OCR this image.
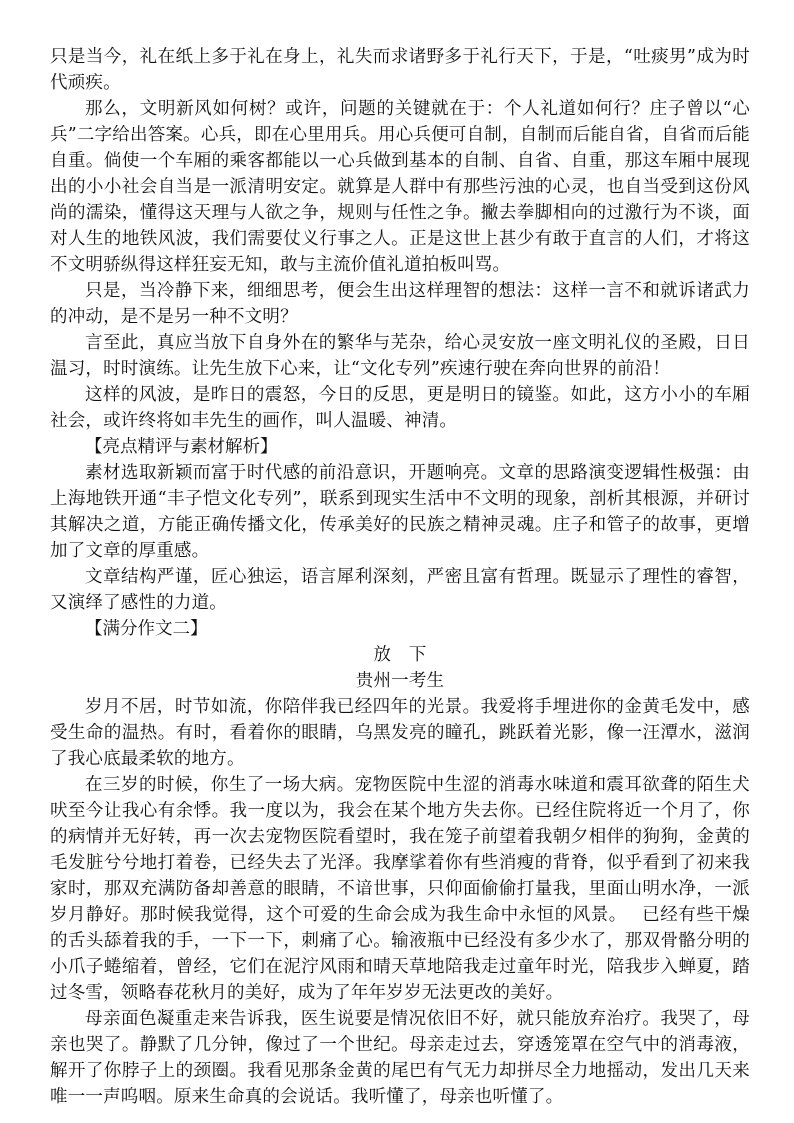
只是当今，礼在纸上多于礼在身上，礼失而求诸野多于礼行天下，于是，“吐痰男”成为时代顽疾。

那么，文明新风如何树？或许，问题的关键就在于：个人礼道如何行？庄子曾以“心兵”二字给出答案。心兵，即在心里用兵。用心兵便可自制，自制而后能自省，自省而后能自重。倘使一个车厢的乘客都能以一心兵做到基本的自制、自省、自重，那这车厢中展现出的小小社会自当是一派清明安定。就算是人群中有那些污浊的心灵，也自当受到这份风尚的濡染，懂得这天理与人欲之争，规则与任性之争。撇去拳脚相向的过激行为不谈，面对人生的地铁风波，我们需要仗义行事之人。正是这世上甚少有敢于直言的人们，才将这不文明骄纵得这样狂妄无知，敢与主流价值礼道拍板叫骂。

只是，当冷静下来，细细思考，便会生出这样理智的想法：这样一言不和就诉诸武力的冲动，是不是另一种不文明？

言至此，真应当放下自身外在的繁华与芜杂，给心灵安放一座文明礼仪的圣殿，日日温习，时时演练。让先生放下心来，让“文化专列”疾速行驶在奔向世界的前沿！

这样的风波，是昨日的震怒，今日的反思，更是明日的镜鉴。如此，这方小小的车厢社会，或许终将如丰先生的画作，叫人温暖、神清。

【亮点精评与素材解析】

素材选取新颖而富于时代感的前沿意识，开题响亮。文章的思路演变逻辑性极强：由上海地铁开通“丰子恺文化专列”，联系到现实生活中不文明的现象，剖析其根源，并研讨其解决之道，方能正确传播文化，传承美好的民族之精神灵魂。庄子和管子的故事，更增加了文章的厚重感。

文章结构严谨，匠心独运，语言犀利深刻，严密且富有哲理。既显示了理性的睿智，又演绎了感性的力道。

【满分作文二】

放　下

贵州一考生

岁月不居，时节如流，你陪伴我已经四年的光景。我爱将手埋进你的金黄毛发中，感受生命的温热。有时，看着你的眼睛，乌黑发亮的瞳孔，跳跃着光影，像一汪潭水，滋润了我心底最柔软的地方。

在三岁的时候，你生了一场大病。宠物医院中生涩的消毒水味道和震耳欲聋的陌生犬吠至今让我心有余悸。我一度以为，我会在某个地方失去你。已经住院将近一个月了，你的病情并无好转，再一次去宠物医院看望时，我在笼子前望着我朝夕相伴的狗狗，金黄的毛发脏兮兮地打着卷，已经失去了光泽。我摩挲着你有些消瘦的背脊，似乎看到了初来我家时，那双充满防备却善意的眼睛，不谙世事，只仰面偷偷打量我，里面山明水净，一派岁月静好。那时候我觉得，这个可爱的生命会成为我生命中永恒的风景。　 已经有些干燥的舌头舔着我的手，一下一下，刺痛了心。输液瓶中已经没有多少水了，那双骨骼分明的小爪子蜷缩着，曾经，它们在泥泞风雨和晴天草地陪我走过童年时光，陪我步入蝉夏，踏过冬雪，领略春花秋月的美好，成为了年年岁岁无法更改的美好。

母亲面色凝重走来告诉我，医生说要是情况依旧不好，就只能放弃治疗。我哭了，母亲也哭了。静默了几分钟，像过了一个世纪。母亲走过去，穿透笼罩在空气中的消毒液，解开了你脖子上的颈圈。我看见那条金黄的尾巴有气无力却拼尽全力地摇动，发出几天来唯一一声呜咽。原来生命真的会说话。我听懂了，母亲也听懂了。
